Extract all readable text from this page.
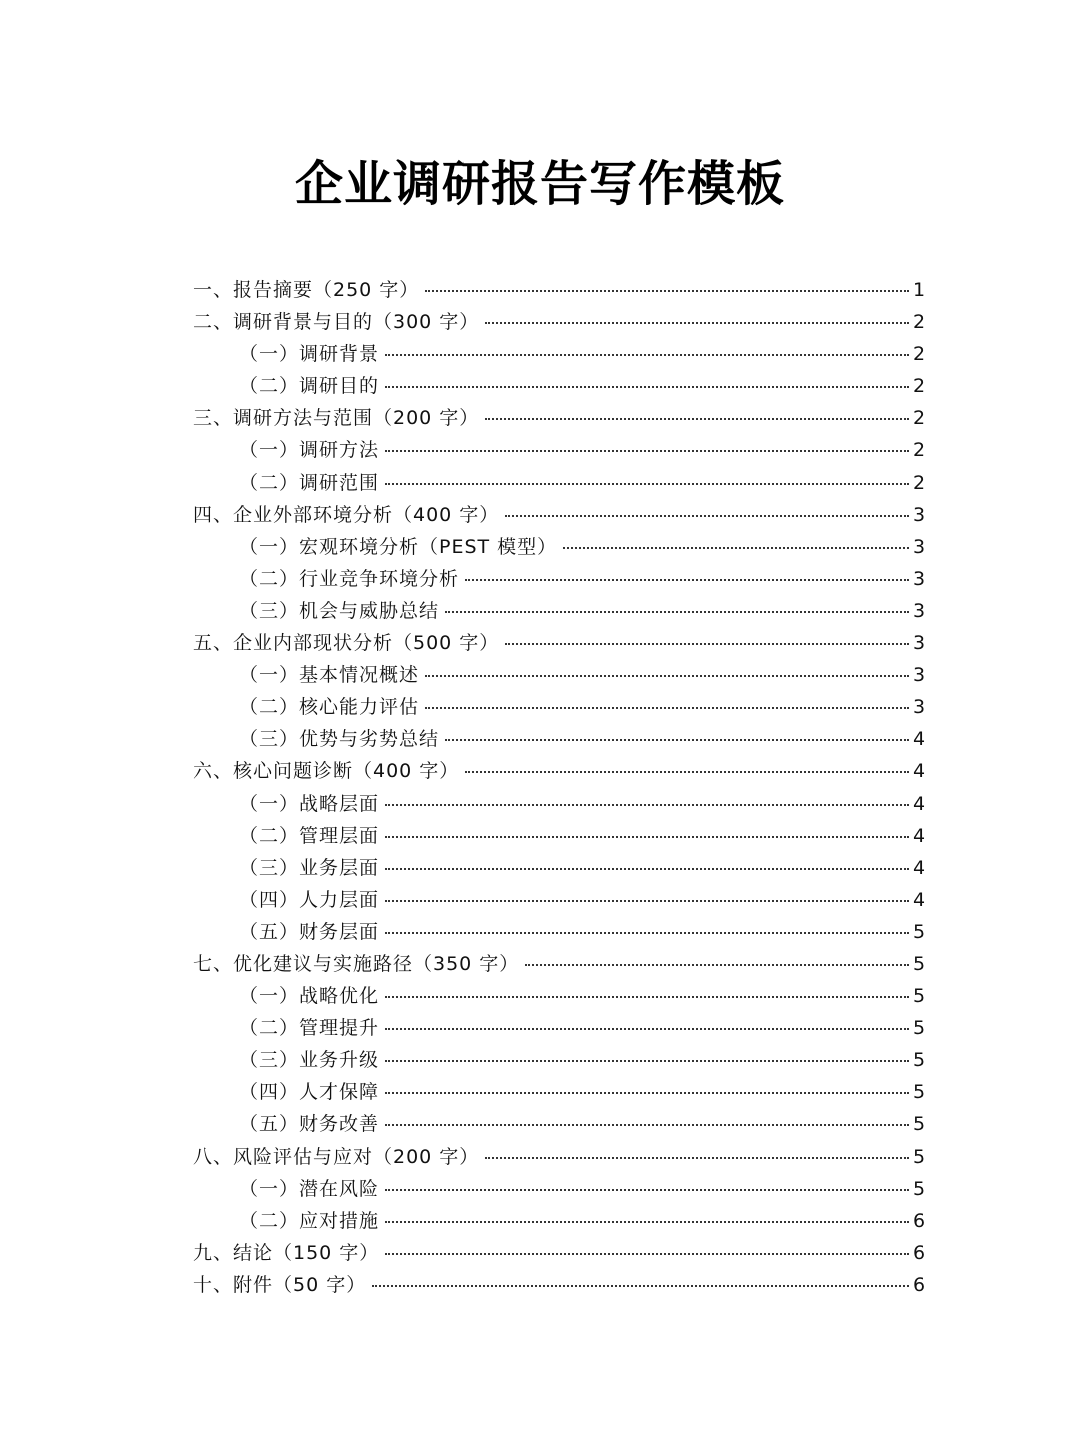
企业调研报告写作模板
一、报告摘要（250 字）	1
二、调研背景与目的（300 字）	2
（一）调研背景	2
（二）调研目的	2
三、调研方法与范围（200 字）	2
（一）调研方法	2
（二）调研范围	2
四、企业外部环境分析（400 字）	3
（一）宏观环境分析（PEST 模型）	3
（二）行业竞争环境分析	3
（三）机会与威胁总结	3
五、企业内部现状分析（500 字）	3
（一）基本情况概述	3
（二）核心能力评估	3
（三）优势与劣势总结	4
六、核心问题诊断（400 字）	4
（一）战略层面	4
（二）管理层面	4
（三）业务层面	4
（四）人力层面	4
（五）财务层面	5
七、优化建议与实施路径（350 字）	5
（一）战略优化	5
（二）管理提升	5
（三）业务升级	5
（四）人才保障	5
（五）财务改善	5
八、风险评估与应对（200 字）	5
（一）潜在风险	5
（二）应对措施	6
九、结论（150 字）	6
十、附件（50 字）	6
